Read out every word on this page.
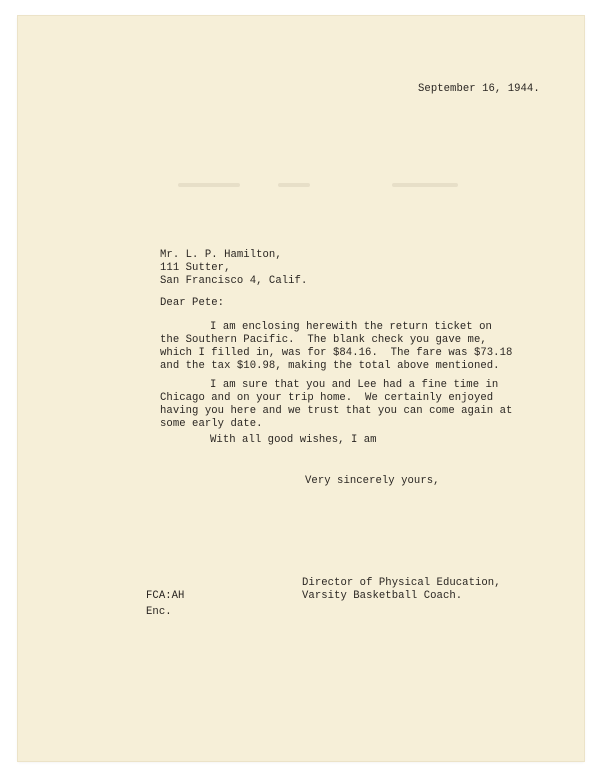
September 16, 1944.
Mr. L. P. Hamilton,
111 Sutter,
San Francisco 4, Calif.
Dear Pete:
I am enclosing herewith the return ticket on
the Southern Pacific.  The blank check you gave me,
which I filled in, was for $84.16.  The fare was $73.18
and the tax $10.98, making the total above mentioned.
I am sure that you and Lee had a fine time in
Chicago and on your trip home.  We certainly enjoyed
having you here and we trust that you can come again at
some early date.
With all good wishes, I am
Very sincerely yours,
Director of Physical Education,
Varsity Basketball Coach.
FCA:AH
Enc.
